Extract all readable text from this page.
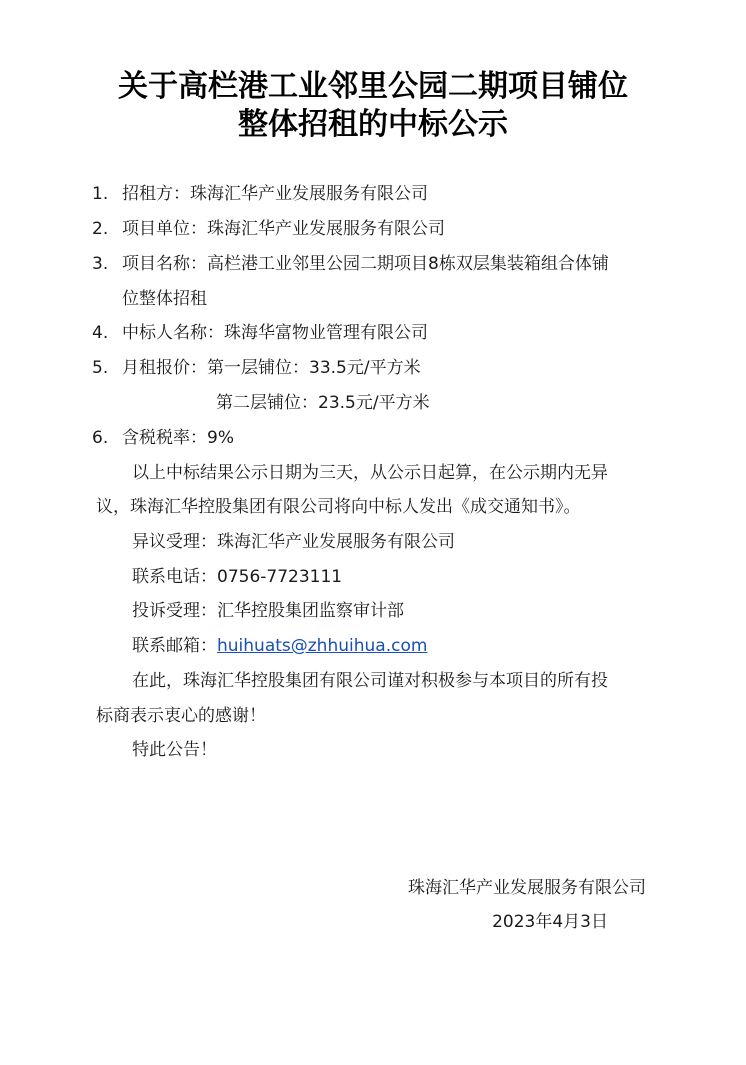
关于高栏港工业邻里公园二期项目铺位
整体招租的中标公示
1. 招租方：珠海汇华产业发展服务有限公司
2. 项目单位：珠海汇华产业发展服务有限公司
3. 项目名称：高栏港工业邻里公园二期项目8栋双层集装箱组合体铺
位整体招租
4. 中标人名称：珠海华富物业管理有限公司
5. 月租报价：第一层铺位：33.5元/平方米
第二层铺位：23.5元/平方米
6. 含税税率：9%
以上中标结果公示日期为三天，从公示日起算，在公示期内无异
议，珠海汇华控股集团有限公司将向中标人发出《成交通知书》。
异议受理：珠海汇华产业发展服务有限公司
联系电话：0756-7723111
投诉受理：汇华控股集团监察审计部
联系邮箱：huihuats@zhhuihua.com
在此，珠海汇华控股集团有限公司谨对积极参与本项目的所有投
标商表示衷心的感谢！
特此公告！
珠海汇华产业发展服务有限公司
2023年4月3日
